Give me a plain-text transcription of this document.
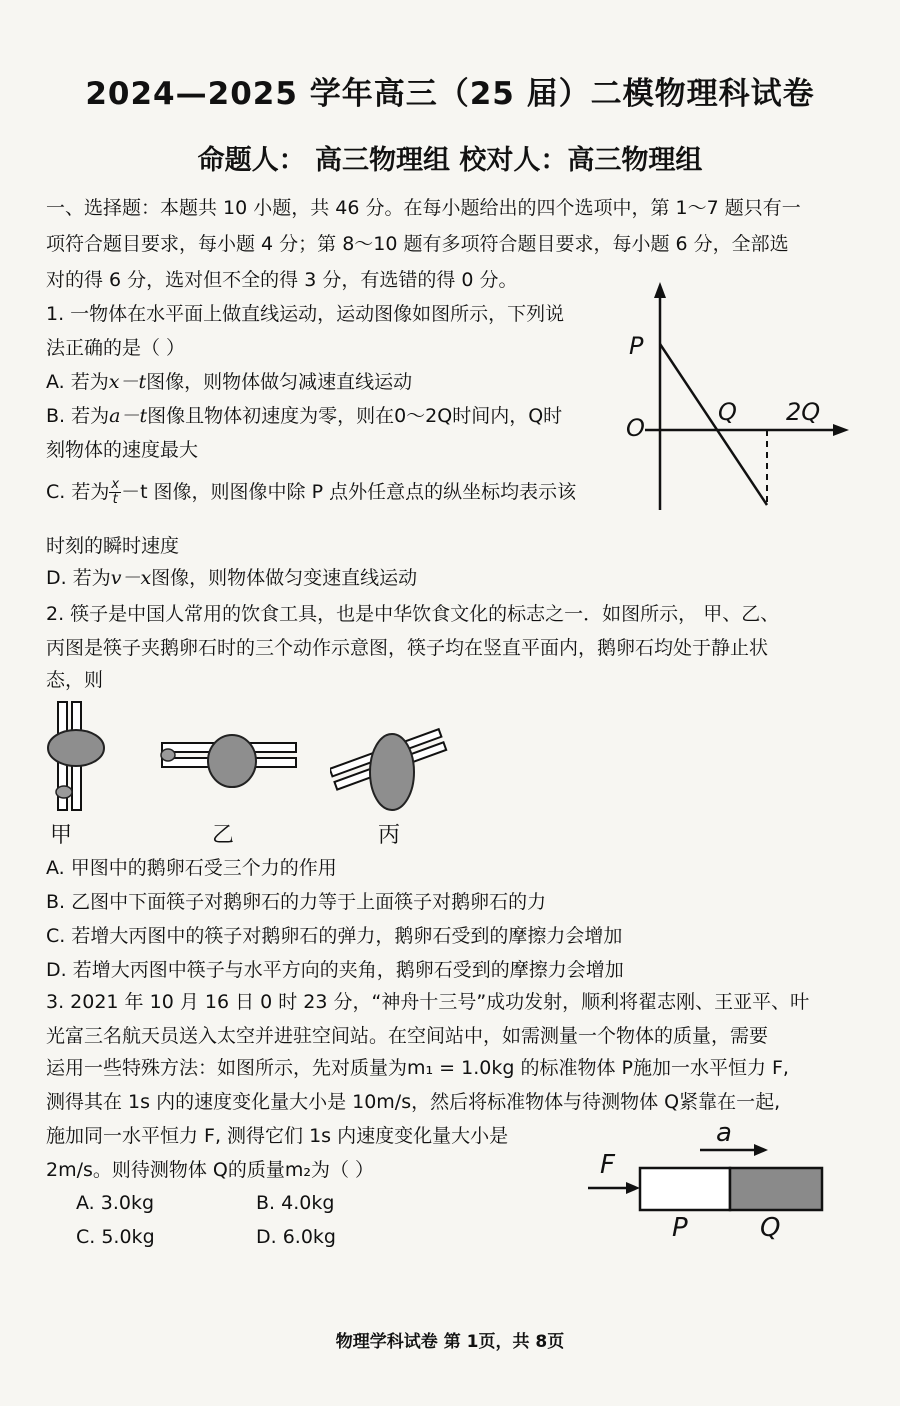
2024—2025 学年高三（25 届）二模物理科试卷
命题人： 高三物理组 校对人：高三物理组
一、选择题：本题共 10 小题，共 46 分。在每小题给出的四个选项中，第 1～7 题只有一
项符合题目要求，每小题 4 分；第 8～10 题有多项符合题目要求，每小题 6 分，全部选
对的得 6 分，选对但不全的得 3 分，有选错的得 0 分。
1. 一物体在水平面上做直线运动，运动图像如图所示，下列说
法正确的是（ ）
A. 若为x－t图像，则物体做匀减速直线运动
B. 若为a－t图像且物体初速度为零，则在0～2Q时间内，Q时
刻物体的速度最大
C. 若为 $\frac{x}{t} -t$ 图像，则图像中除 P 点外任意点的纵坐标均表示该
时刻的瞬时速度
D. 若为v－x图像，则物体做匀变速直线运动
P
O
Q 2Q
2. 筷子是中国人常用的饮食工具，也是中华饮食文化的标志之一．如图所示， 甲、乙、
丙图是筷子夹鹅卵石时的三个动作示意图，筷子均在竖直平面内，鹅卵石均处于静止状
态，则
甲	乙	丙
A. 甲图中的鹅卵石受三个力的作用
B. 乙图中下面筷子对鹅卵石的力等于上面筷子对鹅卵石的力
C. 若增大丙图中的筷子对鹅卵石的弹力，鹅卵石受到的摩擦力会增加
D. 若增大丙图中筷子与水平方向的夹角，鹅卵石受到的摩擦力会增加
3. 2021 年 10 月 16 日 0 时 23 分，“神舟十三号”成功发射，顺利将翟志刚、王亚平、叶
光富三名航天员送入太空并进驻空间站。在空间站中，如需测量一个物体的质量，需要
运用一些特殊方法：如图所示，先对质量为m₁ = 1.0kg 的标准物体 P施加一水平恒力 F,
测得其在 1s 内的速度变化量大小是 10m/s，然后将标准物体与待测物体 Q紧靠在一起,
施加同一水平恒力 F, 测得它们 1s 内速度变化量大小是
2m/s。则待测物体 Q的质量m₂为（ ）
A. 3.0kg	B. 4.0kg
C. 5.0kg	D. 6.0kg
F
a
P	Q
物理学科试卷 第 1页，共 8页
